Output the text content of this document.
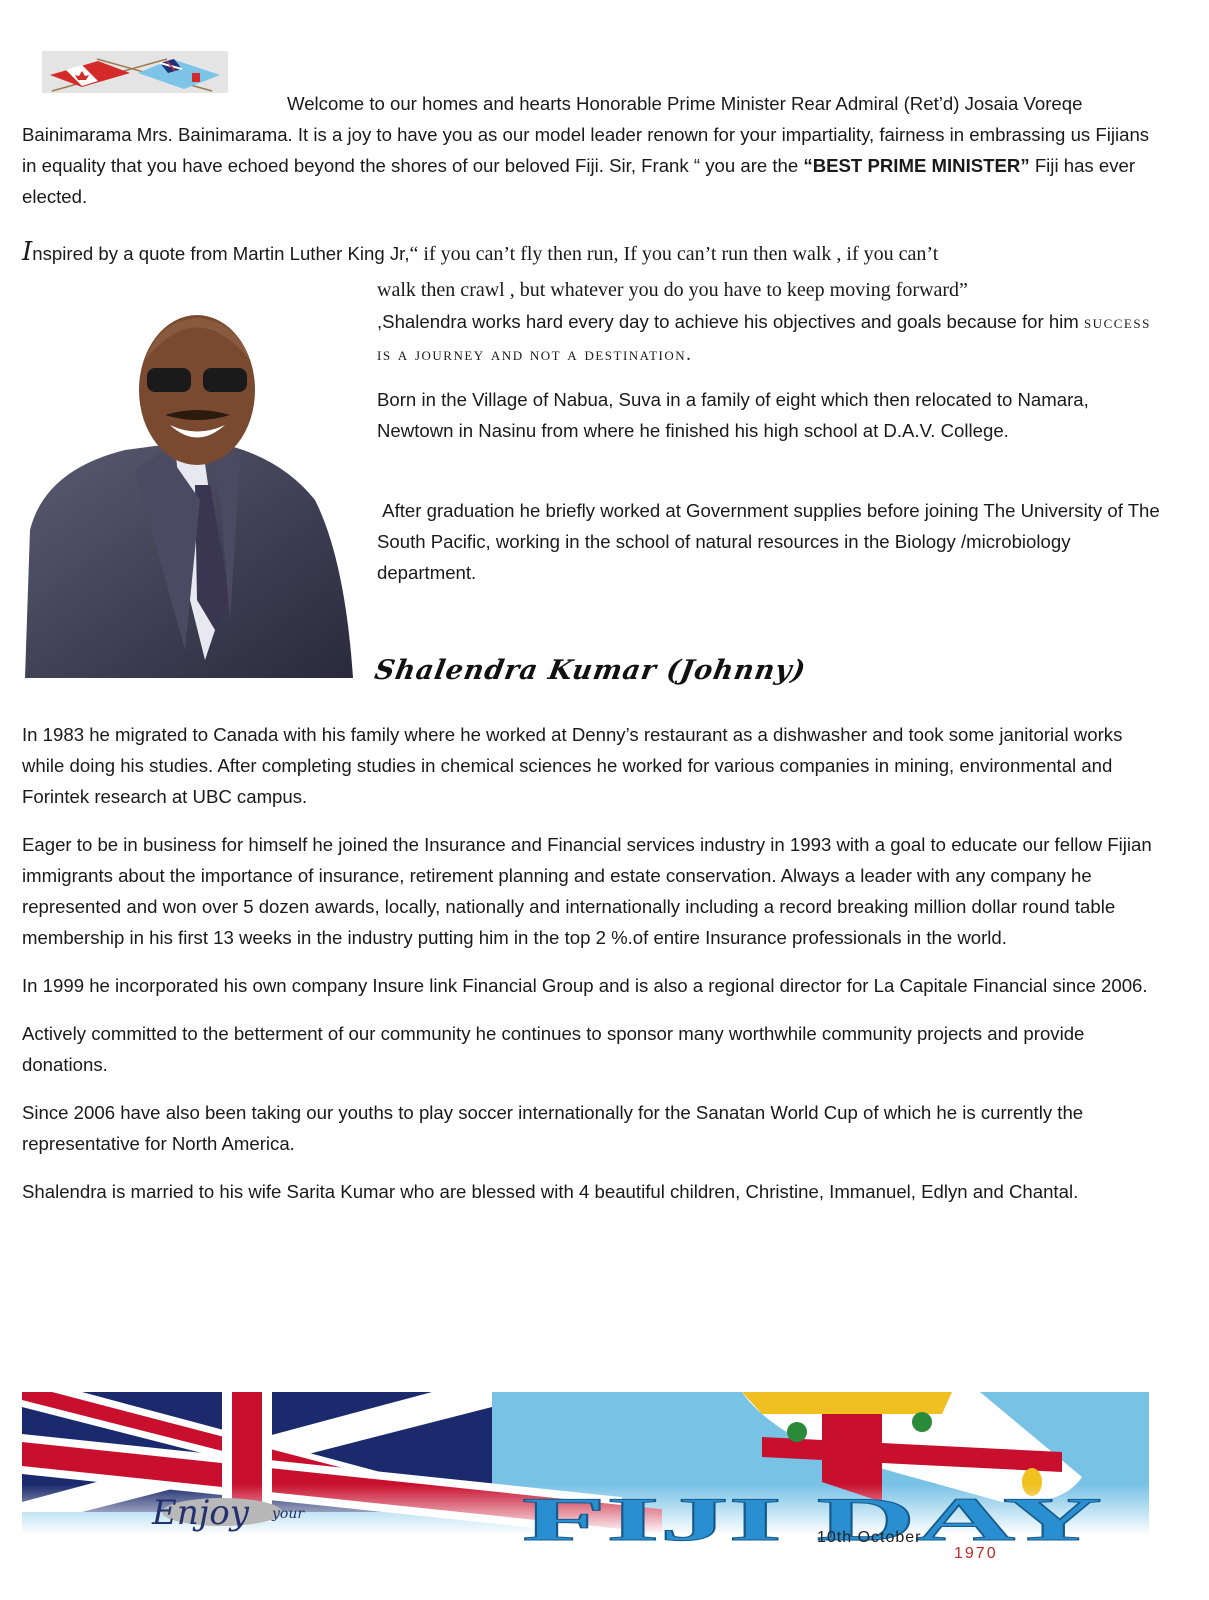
Welcome to our homes and hearts Honorable Prime Minister Rear Admiral (Ret’d) Josaia Voreqe Bainimarama Mrs. Bainimarama. It is a joy to have you as our model leader renown for your impartiality, fairness in embrassing us Fijians in equality that you have echoed beyond the shores of our beloved Fiji. Sir, Frank “ you are the “BEST PRIME MINISTER” Fiji has ever elected.

Inspired by a quote from Martin Luther King Jr,“ if you can’t fly then run, If you can’t run then walk , if you can’t

walk then crawl , but whatever you do you have to keep moving forward”
,Shalendra works hard every day to achieve his objectives and goals because for him success is a journey and not a destination.

Born in the Village of Nabua, Suva in a family of eight which then relocated to Namara, Newtown in Nasinu from where he finished his high school at D.A.V. College.

After graduation he briefly worked at Government supplies before joining The University of The South Pacific, working in the school of natural resources in the Biology /microbiology department.

Shalendra Kumar (Johnny)

In 1983 he migrated to Canada with his family where he worked at Denny’s restaurant as a dishwasher and took some janitorial works while doing his studies. After completing studies in chemical sciences he worked for various companies in mining, environmental and Forintek research at UBC campus.

Eager to be in business for himself he joined the Insurance and Financial services industry in 1993 with a goal to educate our fellow Fijian immigrants about the importance of insurance, retirement planning and estate conservation. Always a leader with any company he represented and won over 5 dozen awards, locally, nationally and internationally including a record breaking million dollar round table membership in his first 13 weeks in the industry putting him in the top 2 %.of entire Insurance professionals in the world.

In 1999 he incorporated his own company Insure link Financial Group and is also a regional director for La Capitale Financial since 2006.

Actively committed to the betterment of our community he continues to sponsor many worthwhile community projects and provide donations.

Since 2006 have also been taking our youths to play soccer internationally for the Sanatan World Cup of which he is currently the representative for North America.

Shalendra is married to his wife Sarita Kumar who are blessed with 4 beautiful children, Christine, Immanuel, Edlyn and Chantal.

Enjoy your	FIJI DAY
10th October
1970
